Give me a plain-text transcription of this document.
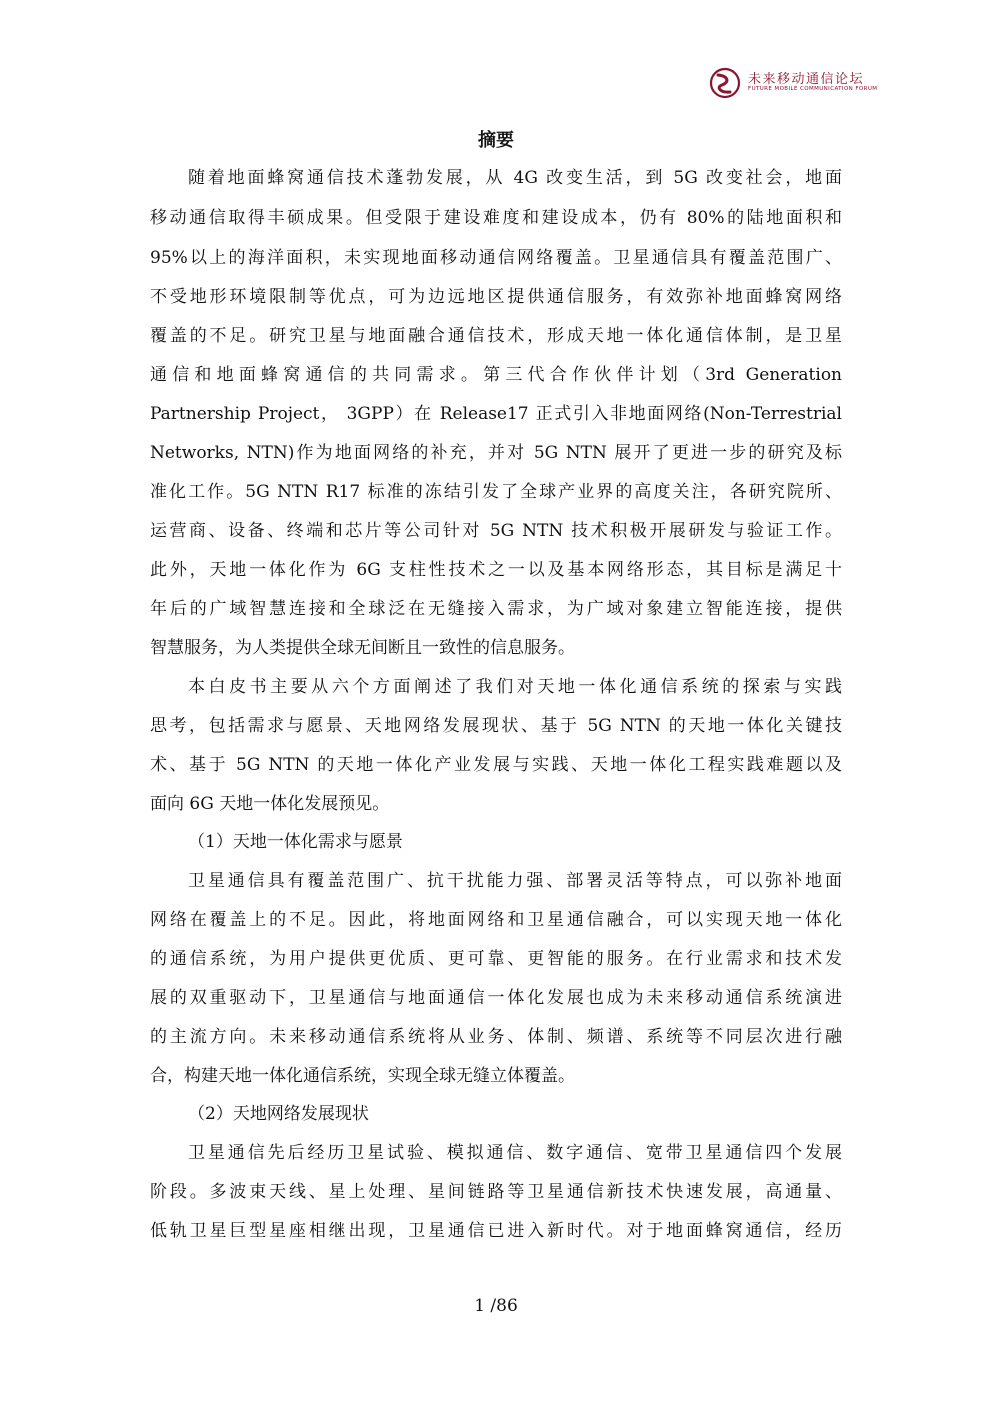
未来移动通信论坛
FUTURE MOBILE COMMUNICATION FORUM
摘要
随着地面蜂窝通信技术蓬勃发展，从 4G 改变生活，到 5G 改变社会，地面
移动通信取得丰硕成果。但受限于建设难度和建设成本，仍有 80%的陆地面积和
95%以上的海洋面积，未实现地面移动通信网络覆盖。卫星通信具有覆盖范围广、
不受地形环境限制等优点，可为边远地区提供通信服务，有效弥补地面蜂窝网络
覆盖的不足。研究卫星与地面融合通信技术，形成天地一体化通信体制，是卫星
通信和地面蜂窝通信的共同需求。第三代合作伙伴计划（3rd Generation
Partnership Project， 3GPP）在 Release17 正式引入非地面网络(Non-Terrestrial
Networks, NTN)作为地面网络的补充，并对 5G NTN 展开了更进一步的研究及标
准化工作。5G NTN R17 标准的冻结引发了全球产业界的高度关注，各研究院所、
运营商、设备、终端和芯片等公司针对 5G NTN 技术积极开展研发与验证工作。
此外，天地一体化作为 6G 支柱性技术之一以及基本网络形态，其目标是满足十
年后的广域智慧连接和全球泛在无缝接入需求，为广域对象建立智能连接，提供
智慧服务，为人类提供全球无间断且一致性的信息服务。
本白皮书主要从六个方面阐述了我们对天地一体化通信系统的探索与实践
思考，包括需求与愿景、天地网络发展现状、基于 5G NTN 的天地一体化关键技
术、基于 5G NTN 的天地一体化产业发展与实践、天地一体化工程实践难题以及
面向 6G 天地一体化发展预见。
（1）天地一体化需求与愿景
卫星通信具有覆盖范围广、抗干扰能力强、部署灵活等特点，可以弥补地面
网络在覆盖上的不足。因此，将地面网络和卫星通信融合，可以实现天地一体化
的通信系统，为用户提供更优质、更可靠、更智能的服务。在行业需求和技术发
展的双重驱动下，卫星通信与地面通信一体化发展也成为未来移动通信系统演进
的主流方向。未来移动通信系统将从业务、体制、频谱、系统等不同层次进行融
合，构建天地一体化通信系统，实现全球无缝立体覆盖。
（2）天地网络发展现状
卫星通信先后经历卫星试验、模拟通信、数字通信、宽带卫星通信四个发展
阶段。多波束天线、星上处理、星间链路等卫星通信新技术快速发展，高通量、
低轨卫星巨型星座相继出现，卫星通信已进入新时代。对于地面蜂窝通信，经历
1 /86
